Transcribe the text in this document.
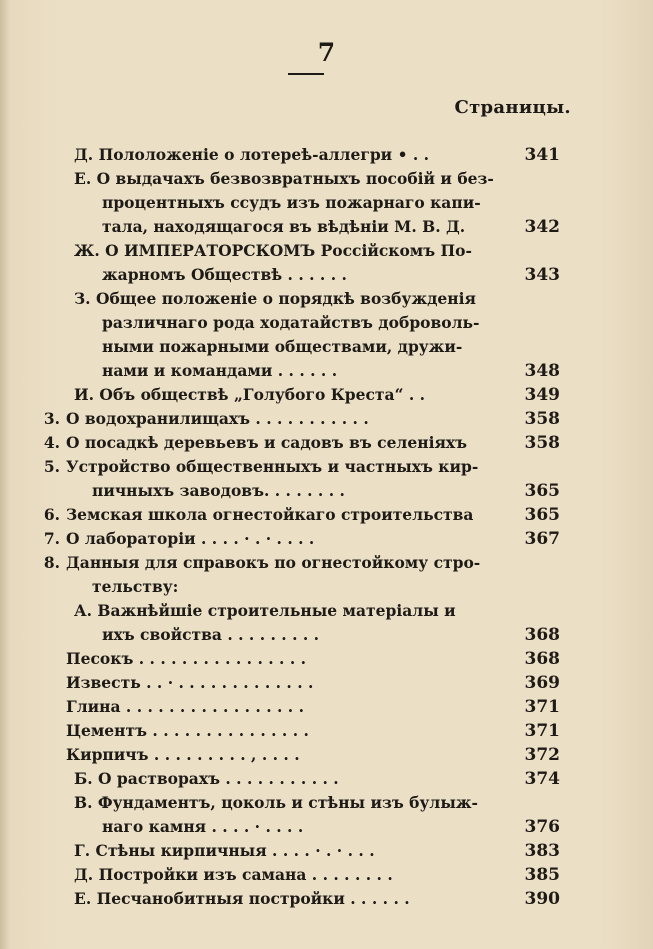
7
Страницы.
Д. Пололоженіе о лотереѣ-аллегри • . .	341
Е. О выдачахъ безвозвратныхъ пособій и без-
процентныхъ ссудъ изъ пожарнаго капи-
тала, находящагося въ вѣдѣніи М. В. Д.	342
Ж. О ИМПЕРАТОРСКОМЪ Россійскомъ По-
жарномъ Обществѣ . . . . . .	343
З. Общее положеніе о порядкѣ возбужденія
различнаго рода ходатайствъ доброволь-
ными пожарными обществами, дружи-
нами и командами . . . . . .	348
И. Объ обществѣ „Голубого Креста“ . .	349
3. О водохранилищахъ . . . . . . . . . . .	358
4. О посадкѣ деревьевъ и садовъ въ селеніяхъ	358
5. Устройство общественныхъ и частныхъ кир-
пичныхъ заводовъ. . . . . . . .	365
6. Земская школа огнестойкаго строительства	365
7. О лабораторіи . . . . · . · . . . .	367
8. Данныя для справокъ по огнестойкому стро-
тельству:
А. Важнѣйшіе строительные матеріалы и
ихъ свойства . . . . . . . . .	368
Песокъ . . . . . . . . . . . . . . . .	368
Известь . . · . . . . . . . . . . . . .	369
Глина . . . . . . . . . . . . . . . . .	371
Цементъ . . . . . . . . . . . . . . .	371
Кирпичъ . . . . . . . . . , . . . .	372
Б. О растворахъ . . . . . . . . . . .	374
В. Фундаментъ, цоколь и стѣны изъ булыж-
наго камня . . . . · . . . .	376
Г. Стѣны кирпичныя . . . . · . · . . .	383
Д. Постройки изъ самана . . . . . . . .	385
Е. Песчанобитныя постройки . . . . . .	390
